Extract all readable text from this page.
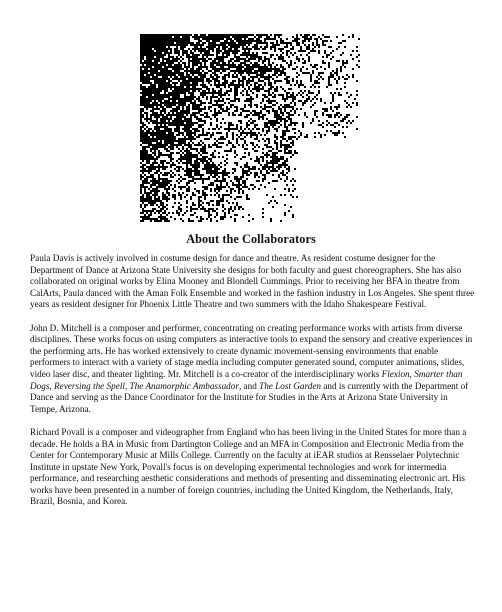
About the Collaborators

Paula Davis is actively involved in costume design for dance and theatre. As resident costume designer for the Department of Dance at Arizona State University she designs for both faculty and guest choreographers. She has also collaborated on original works by Elina Mooney and Blondell Cummings. Prior to receiving her BFA in theatre from CalArts, Paula danced with the Aman Folk Ensemble and worked in the fashion industry in Los Angeles. She spent three years as resident designer for Phoenix Little Theatre and two summers with the Idaho Shakespeare Festival.

John D. Mitchell is a composer and performer, concentrating on creating performance works with artists from diverse disciplines. These works focus on using computers as interactive tools to expand the sensory and creative experiences in the performing arts. He has worked extensively to create dynamic movement-sensing environments that enable performers to interact with a variety of stage media including computer generated sound, computer animations, slides, video laser disc, and theater lighting. Mr. Mitchell is a co-creator of the interdisciplinary works Flexion, Smarter than Dogs, Reversing the Spell, The Anamorphic Ambassador, and The Lost Garden and is currently with the Department of Dance and serving as the Dance Coordinator for the Institute for Studies in the Arts at Arizona State University in Tempe, Arizona.

Richard Povall is a composer and videographer from England who has been living in the United States for more than a decade. He holds a BA in Music from Dartington College and an MFA in Composition and Electronic Media from the Center for Contemporary Music at Mills College. Currently on the faculty at iEAR studios at Rensselaer Polytechnic Institute in upstate New York, Povall's focus is on developing experimental technologies and work for intermedia performance, and researching aesthetic considerations and methods of presenting and disseminating electronic art. His works have been presented in a number of foreign countries, including the United Kingdom, the Netherlands, Italy, Brazil, Bosnia, and Korea.
